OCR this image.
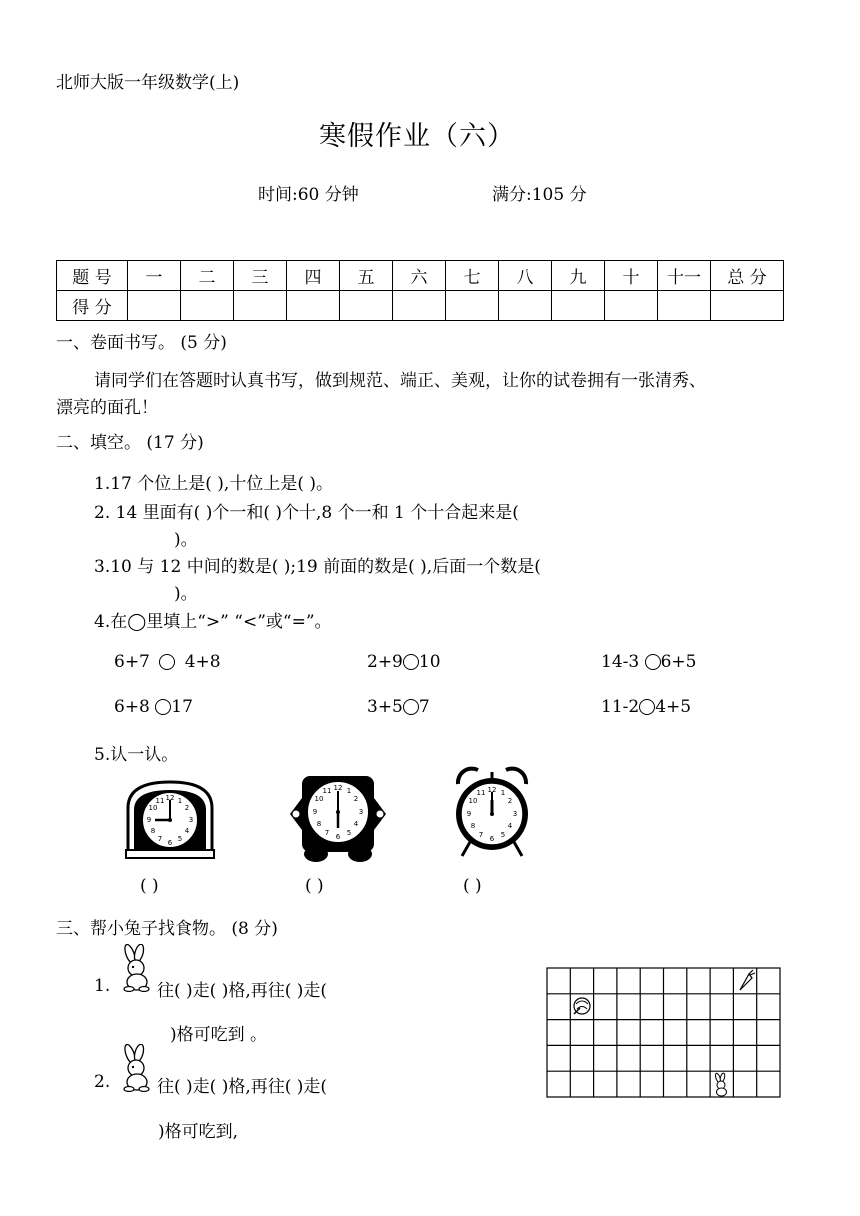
北师大版一年级数学(上)
寒假作业（六）
时间:60 分钟	满分:105 分
题 号	一	二	三	四	五	六	七	八	九	十	十一	总 分
得 分												
一、卷面书写。 (5 分)
请同学们在答题时认真书写，做到规范、端正、美观，让你的试卷拥有一张清秀、
漂亮的面孔！
二、填空。 (17 分)
1.17 个位上是( ),十位上是( )。
2. 14 里面有( )个一和( )个十,8 个一和 1 个十合起来是(
)。
3.10 与 12 中间的数是( );19 前面的数是( ),后面一个数是(
)。
4.在◯里填上“>” “<”或“=”。
6+7 4+8	2+9 10	14-3 6+5
6+8 17	3+5 7	11-2 4+5
5.认一认。
12 1
2
3
4
5
6
7
8
9
10
11
12 1
2
3
4
5
6
7
8
9
10
11	12 1
2
3
4
5
6
7
8
9
10
11
( )	( )	( )
三、帮小兔子找食物。 (8 分)
1.	往( )走( )格,再往( )走(
)格可吃到 。
2.	往( )走( )格,再往( )走(
)格可吃到,
